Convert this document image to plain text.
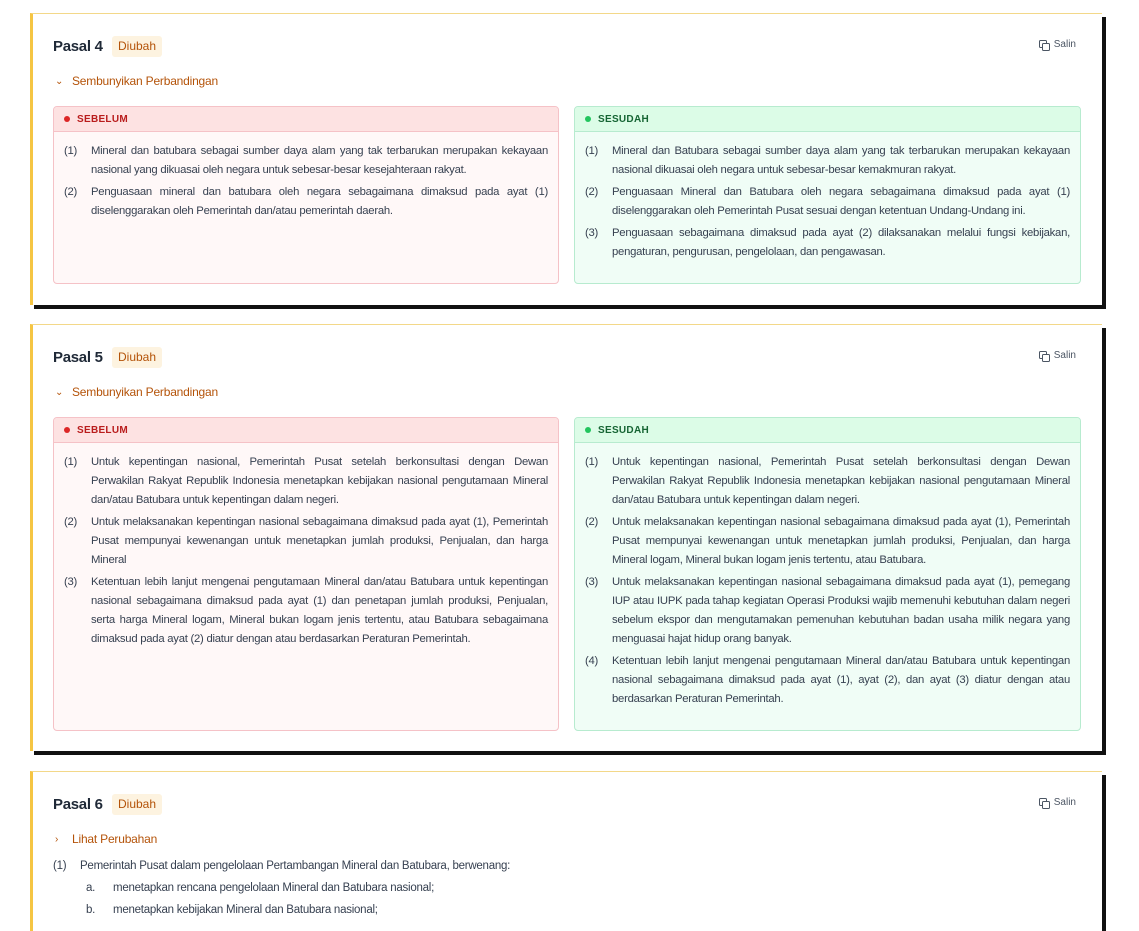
Pasal 4	Diubah	Salin
⌄ Sembunyikan Perbandingan
SEBELUM
(1)	Mineral dan batubara sebagai sumber daya alam yang tak terbarukan merupakan kekayaan nasional yang dikuasai oleh negara untuk sebesar-besar kesejahteraan rakyat.
(2)	Penguasaan mineral dan batubara oleh negara sebagaimana dimaksud pada ayat (1) diselenggarakan oleh Pemerintah dan/atau pemerintah daerah.
SESUDAH
(1)	Mineral dan Batubara sebagai sumber daya alam yang tak terbarukan merupakan kekayaan nasional dikuasai oleh negara untuk sebesar-besar kemakmuran rakyat.
(2)	Penguasaan Mineral dan Batubara oleh negara sebagaimana dimaksud pada ayat (1) diselenggarakan oleh Pemerintah Pusat sesuai dengan ketentuan Undang-Undang ini.
(3)	Penguasaan sebagaimana dimaksud pada ayat (2) dilaksanakan melalui fungsi kebijakan, pengaturan, pengurusan, pengelolaan, dan pengawasan.
Pasal 5	Diubah	Salin
⌄ Sembunyikan Perbandingan
SEBELUM
(1)	Untuk kepentingan nasional, Pemerintah Pusat setelah berkonsultasi dengan Dewan Perwakilan Rakyat Republik Indonesia menetapkan kebijakan nasional pengutamaan Mineral dan/atau Batubara untuk kepentingan dalam negeri.
(2)	Untuk melaksanakan kepentingan nasional sebagaimana dimaksud pada ayat (1), Pemerintah Pusat mempunyai kewenangan untuk menetapkan jumlah produksi, Penjualan, dan harga Mineral
(3)	Ketentuan lebih lanjut mengenai pengutamaan Mineral dan/atau Batubara untuk kepentingan nasional sebagaimana dimaksud pada ayat (1) dan penetapan jumlah produksi, Penjualan, serta harga Mineral logam, Mineral bukan logam jenis tertentu, atau Batubara sebagaimana dimaksud pada ayat (2) diatur dengan atau berdasarkan Peraturan Pemerintah.
SESUDAH
(1)	Untuk kepentingan nasional, Pemerintah Pusat setelah berkonsultasi dengan Dewan Perwakilan Rakyat Republik Indonesia menetapkan kebijakan nasional pengutamaan Mineral dan/atau Batubara untuk kepentingan dalam negeri.
(2)	Untuk melaksanakan kepentingan nasional sebagaimana dimaksud pada ayat (1), Pemerintah Pusat mempunyai kewenangan untuk menetapkan jumlah produksi, Penjualan, dan harga Mineral logam, Mineral bukan logam jenis tertentu, atau Batubara.
(3)	Untuk melaksanakan kepentingan nasional sebagaimana dimaksud pada ayat (1), pemegang IUP atau IUPK pada tahap kegiatan Operasi Produksi wajib memenuhi kebutuhan dalam negeri sebelum ekspor dan mengutamakan pemenuhan kebutuhan badan usaha milik negara yang menguasai hajat hidup orang banyak.
(4)	Ketentuan lebih lanjut mengenai pengutamaan Mineral dan/atau Batubara untuk kepentingan nasional sebagaimana dimaksud pada ayat (1), ayat (2), dan ayat (3) diatur dengan atau berdasarkan Peraturan Pemerintah.
Pasal 6	Diubah	Salin
›	Lihat Perubahan
(1)	Pemerintah Pusat dalam pengelolaan Pertambangan Mineral dan Batubara, berwenang:
a.	menetapkan rencana pengelolaan Mineral dan Batubara nasional;
b.	menetapkan kebijakan Mineral dan Batubara nasional;
